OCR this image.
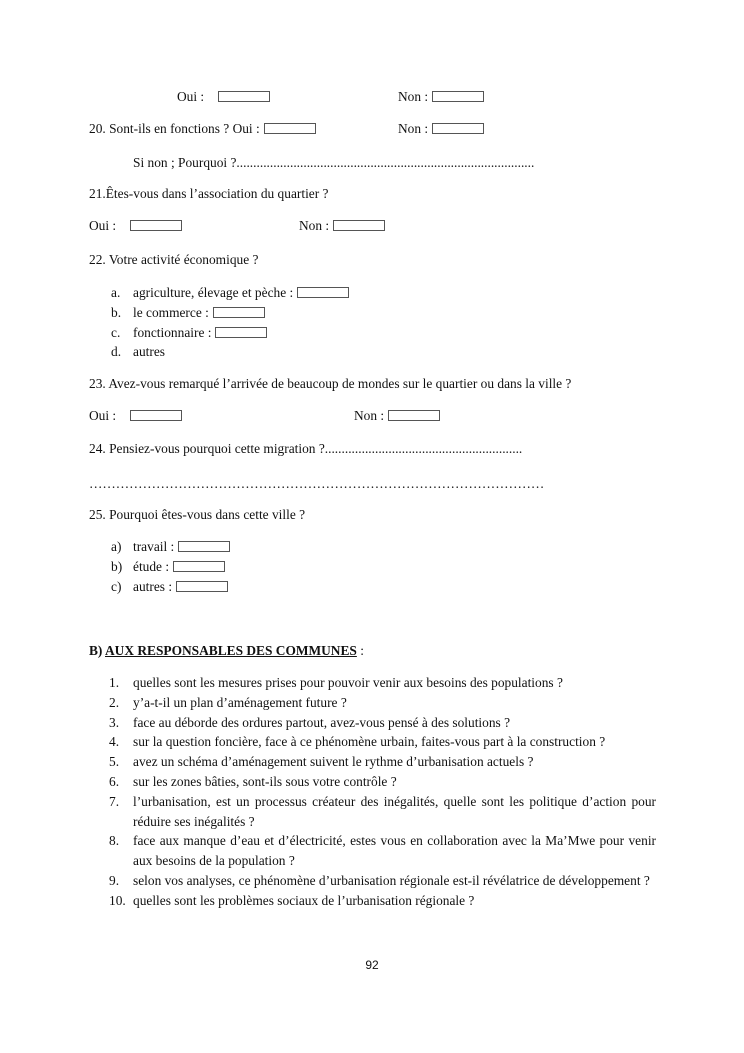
Oui :	Non :
20. Sont-ils en fonctions ? Oui :	Non :
Si non ; Pourquoi ?.........................................................................................
21.Êtes-vous dans l’association du quartier ?
Oui :	Non :
22. Votre activité économique ?
a. agriculture, élevage et pèche :

b. le commerce :

c. fonctionnaire :

d. autres

23. Avez-vous remarqué l’arrivée de beaucoup de mondes sur le quartier ou dans la ville ?
Oui :	Non :
24. Pensiez-vous pourquoi cette migration ?...........................................................
…………………………………………………………………………………………
25. Pourquoi êtes-vous dans cette ville ?
a) travail :

b) étude :

c) autres :

B) AUX RESPONSABLES DES COMMUNES :
1.	quelles sont les mesures prises pour pouvoir venir aux besoins des populations ?
2.	y’a-t-il un plan d’aménagement future ?
3.	face au déborde des ordures partout, avez-vous pensé à des solutions ?
4.	sur la question foncière, face à ce phénomène urbain, faites-vous part à la construction ?
5.	avez un schéma d’aménagement suivent le rythme d’urbanisation actuels ?
6.	sur les zones bâties, sont-ils sous votre contrôle ?
7.	l’urbanisation, est un processus créateur des inégalités, quelle sont les politique d’action pour réduire ses inégalités ?
8.	face aux manque d’eau et d’électricité, estes vous en collaboration avec la Ma’Mwe pour venir aux besoins de la population ?
9.	selon vos analyses, ce phénomène d’urbanisation régionale est-il révélatrice de développement ?
10. quelles sont les problèmes sociaux de l’urbanisation régionale ?
92
